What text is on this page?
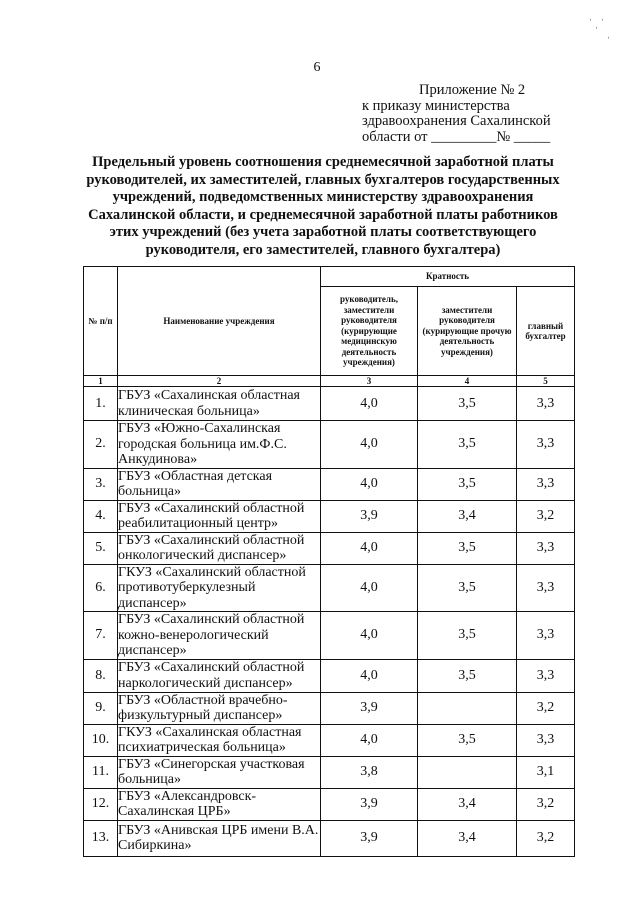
ˈ ˌ ˈ
ˈ
6
Приложение № 2
к приказу министерства
здравоохранения Сахалинской
области от _________№ _____
Предельный уровень соотношения среднемесячной заработной платы
руководителей, их заместителей, главных бухгалтеров государственных
учреждений, подведомственных министерству здравоохранения
Сахалинской области, и среднемесячной заработной платы работников
этих учреждений (без учета заработной платы соответствующего
руководителя, его заместителей, главного бухгалтера)
№ п/п	Наименование учреждения	Кратность		
		руководитель, заместители руководителя (курирующие медицинскую деятельность учреждения)	заместители руководителя (курирующие прочую деятельность учреждения)	главный бухгалтер
1	2	3	4	5
1.	ГБУЗ «Сахалинская областная клиническая больница»	4,0	3,5	3,3
2.	ГБУЗ «Южно-Сахалинская городская больница им.Ф.С. Анкудинова»	4,0	3,5	3,3
3.	ГБУЗ «Областная детская больница»	4,0	3,5	3,3
4.	ГБУЗ «Сахалинский областной реабилитационный центр»	3,9	3,4	3,2
5.	ГБУЗ «Сахалинский областной онкологический диспансер»	4,0	3,5	3,3
6.	ГКУЗ «Сахалинский областной противотуберкулезный диспансер»	4,0	3,5	3,3
7.	ГБУЗ «Сахалинский областной кожно-венерологический диспансер»	4,0	3,5	3,3
8.	ГБУЗ «Сахалинский областной наркологический диспансер»	4,0	3,5	3,3
9.	ГБУЗ «Областной врачебно-физкультурный диспансер»	3,9		3,2
10.	ГКУЗ «Сахалинская областная психиатрическая больница»	4,0	3,5	3,3
11.	ГБУЗ «Синегорская участковая больница»	3,8		3,1
12.	ГБУЗ «Александровск-Сахалинская ЦРБ»	3,9	3,4	3,2
13.	ГБУЗ «Анивская ЦРБ имени В.А. Сибиркина»	3,9	3,4	3,2
